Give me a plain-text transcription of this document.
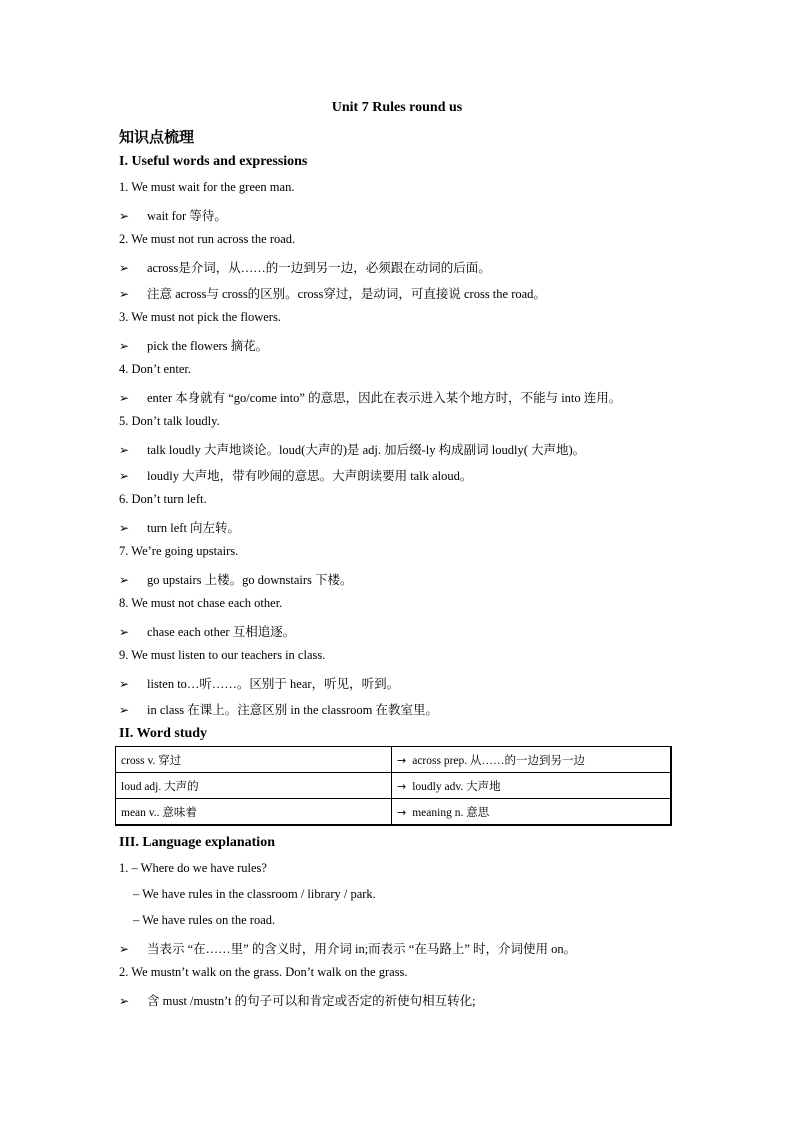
Unit 7 Rules round us
知识点梳理
I. Useful words and expressions
1. We must wait for the green man.
➢ wait for 等待。
2. We must not run across the road.
➢ across是介词，从……的一边到另一边，必须跟在动词的后面。
➢ 注意 across与 cross的区别。cross穿过，是动词，可直接说 cross the road。
3. We must not pick the flowers.
➢ pick the flowers 摘花。
4. Don’t enter.
➢ enter 本身就有 “go/come into” 的意思，因此在表示进入某个地方时，不能与 into 连用。
5. Don’t talk loudly.
➢ talk loudly 大声地谈论。loud(大声的)是 adj. 加后缀-ly 构成副词 loudly( 大声地)。
➢ loudly 大声地，带有吵闹的意思。大声朗读要用 talk aloud。
6. Don’t turn left.
➢ turn left 向左转。
7. We’re going upstairs.
➢ go upstairs 上楼。go downstairs 下楼。
8. We must not chase each other.
➢ chase each other 互相追逐。
9. We must listen to our teachers in class.
➢ listen to…听……。区别于 hear，听见，听到。
➢ in class 在课上。注意区别 in the classroom 在教室里。
II. Word study
cross v. 穿过	→ across prep. 从……的一边到另一边
loud adj. 大声的	→ loudly adv. 大声地
mean v.. 意味着	→ meaning n. 意思
III. Language explanation
1. – Where do we have rules?
– We have rules in the classroom / library / park.
– We have rules on the road.
➢ 当表示 “在……里” 的含义时，用介词 in;而表示 “在马路上” 时，介词使用 on。
2. We mustn’t walk on the grass. Don’t walk on the grass.
➢ 含 must /mustn’t 的句子可以和肯定或否定的祈使句相互转化;
